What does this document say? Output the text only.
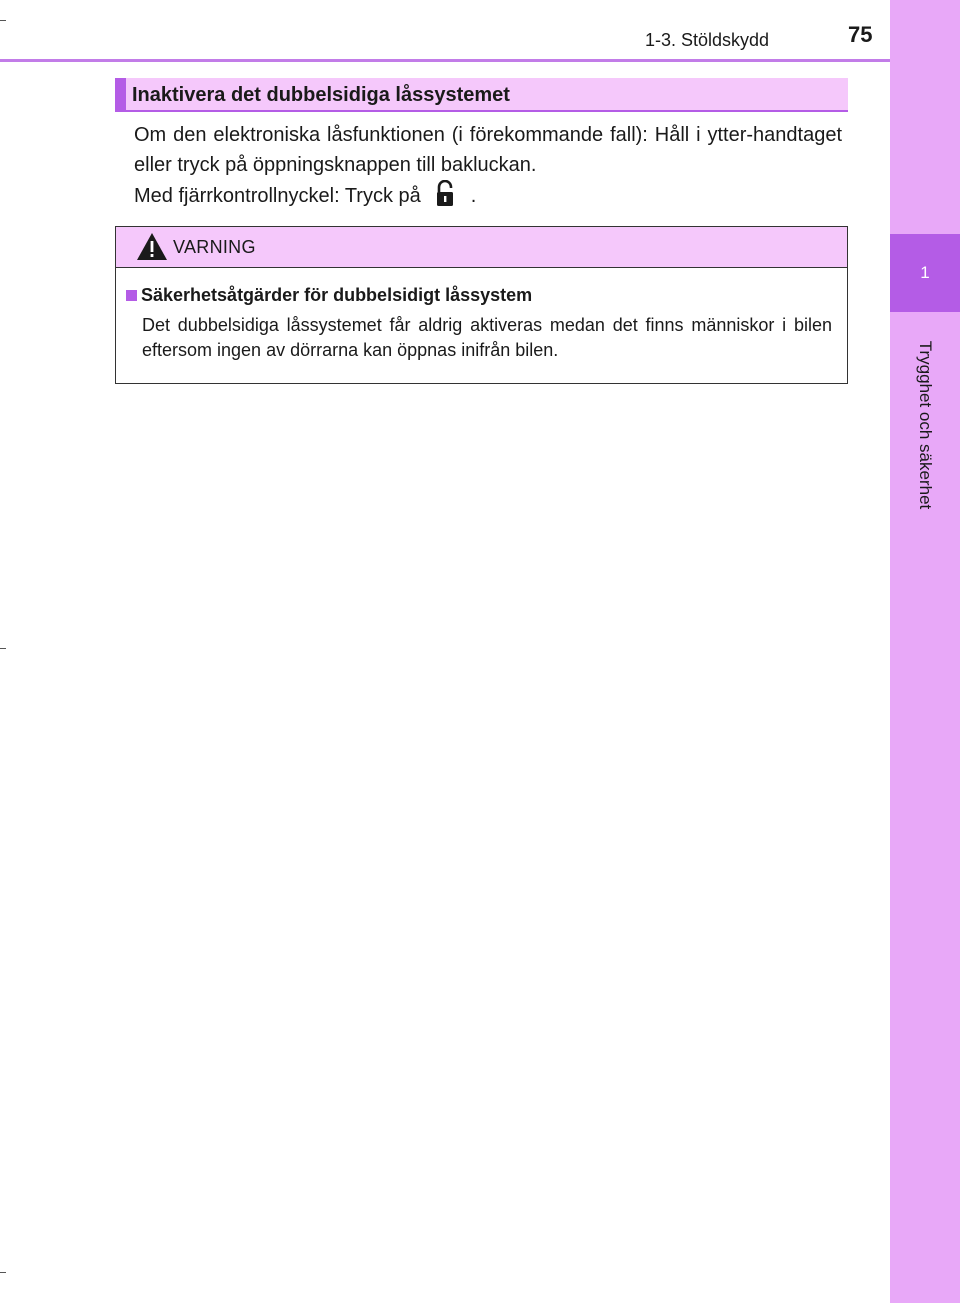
1
Trygghet och säkerhet
1-3. Stöldskydd	75
Inaktivera det dubbelsidiga låssystemet

Om den elektroniska låsfunktionen (i förekommande fall): Håll i ytter-handtaget eller tryck på öppningsknappen till bakluckan.

Med fjärrkontrollnyckel: Tryck på	.

VARNING
Säkerhetsåtgärder för dubbelsidigt låssystem
Det dubbelsidiga låssystemet får aldrig aktiveras medan det finns människor i bilen eftersom ingen av dörrarna kan öppnas inifrån bilen.
